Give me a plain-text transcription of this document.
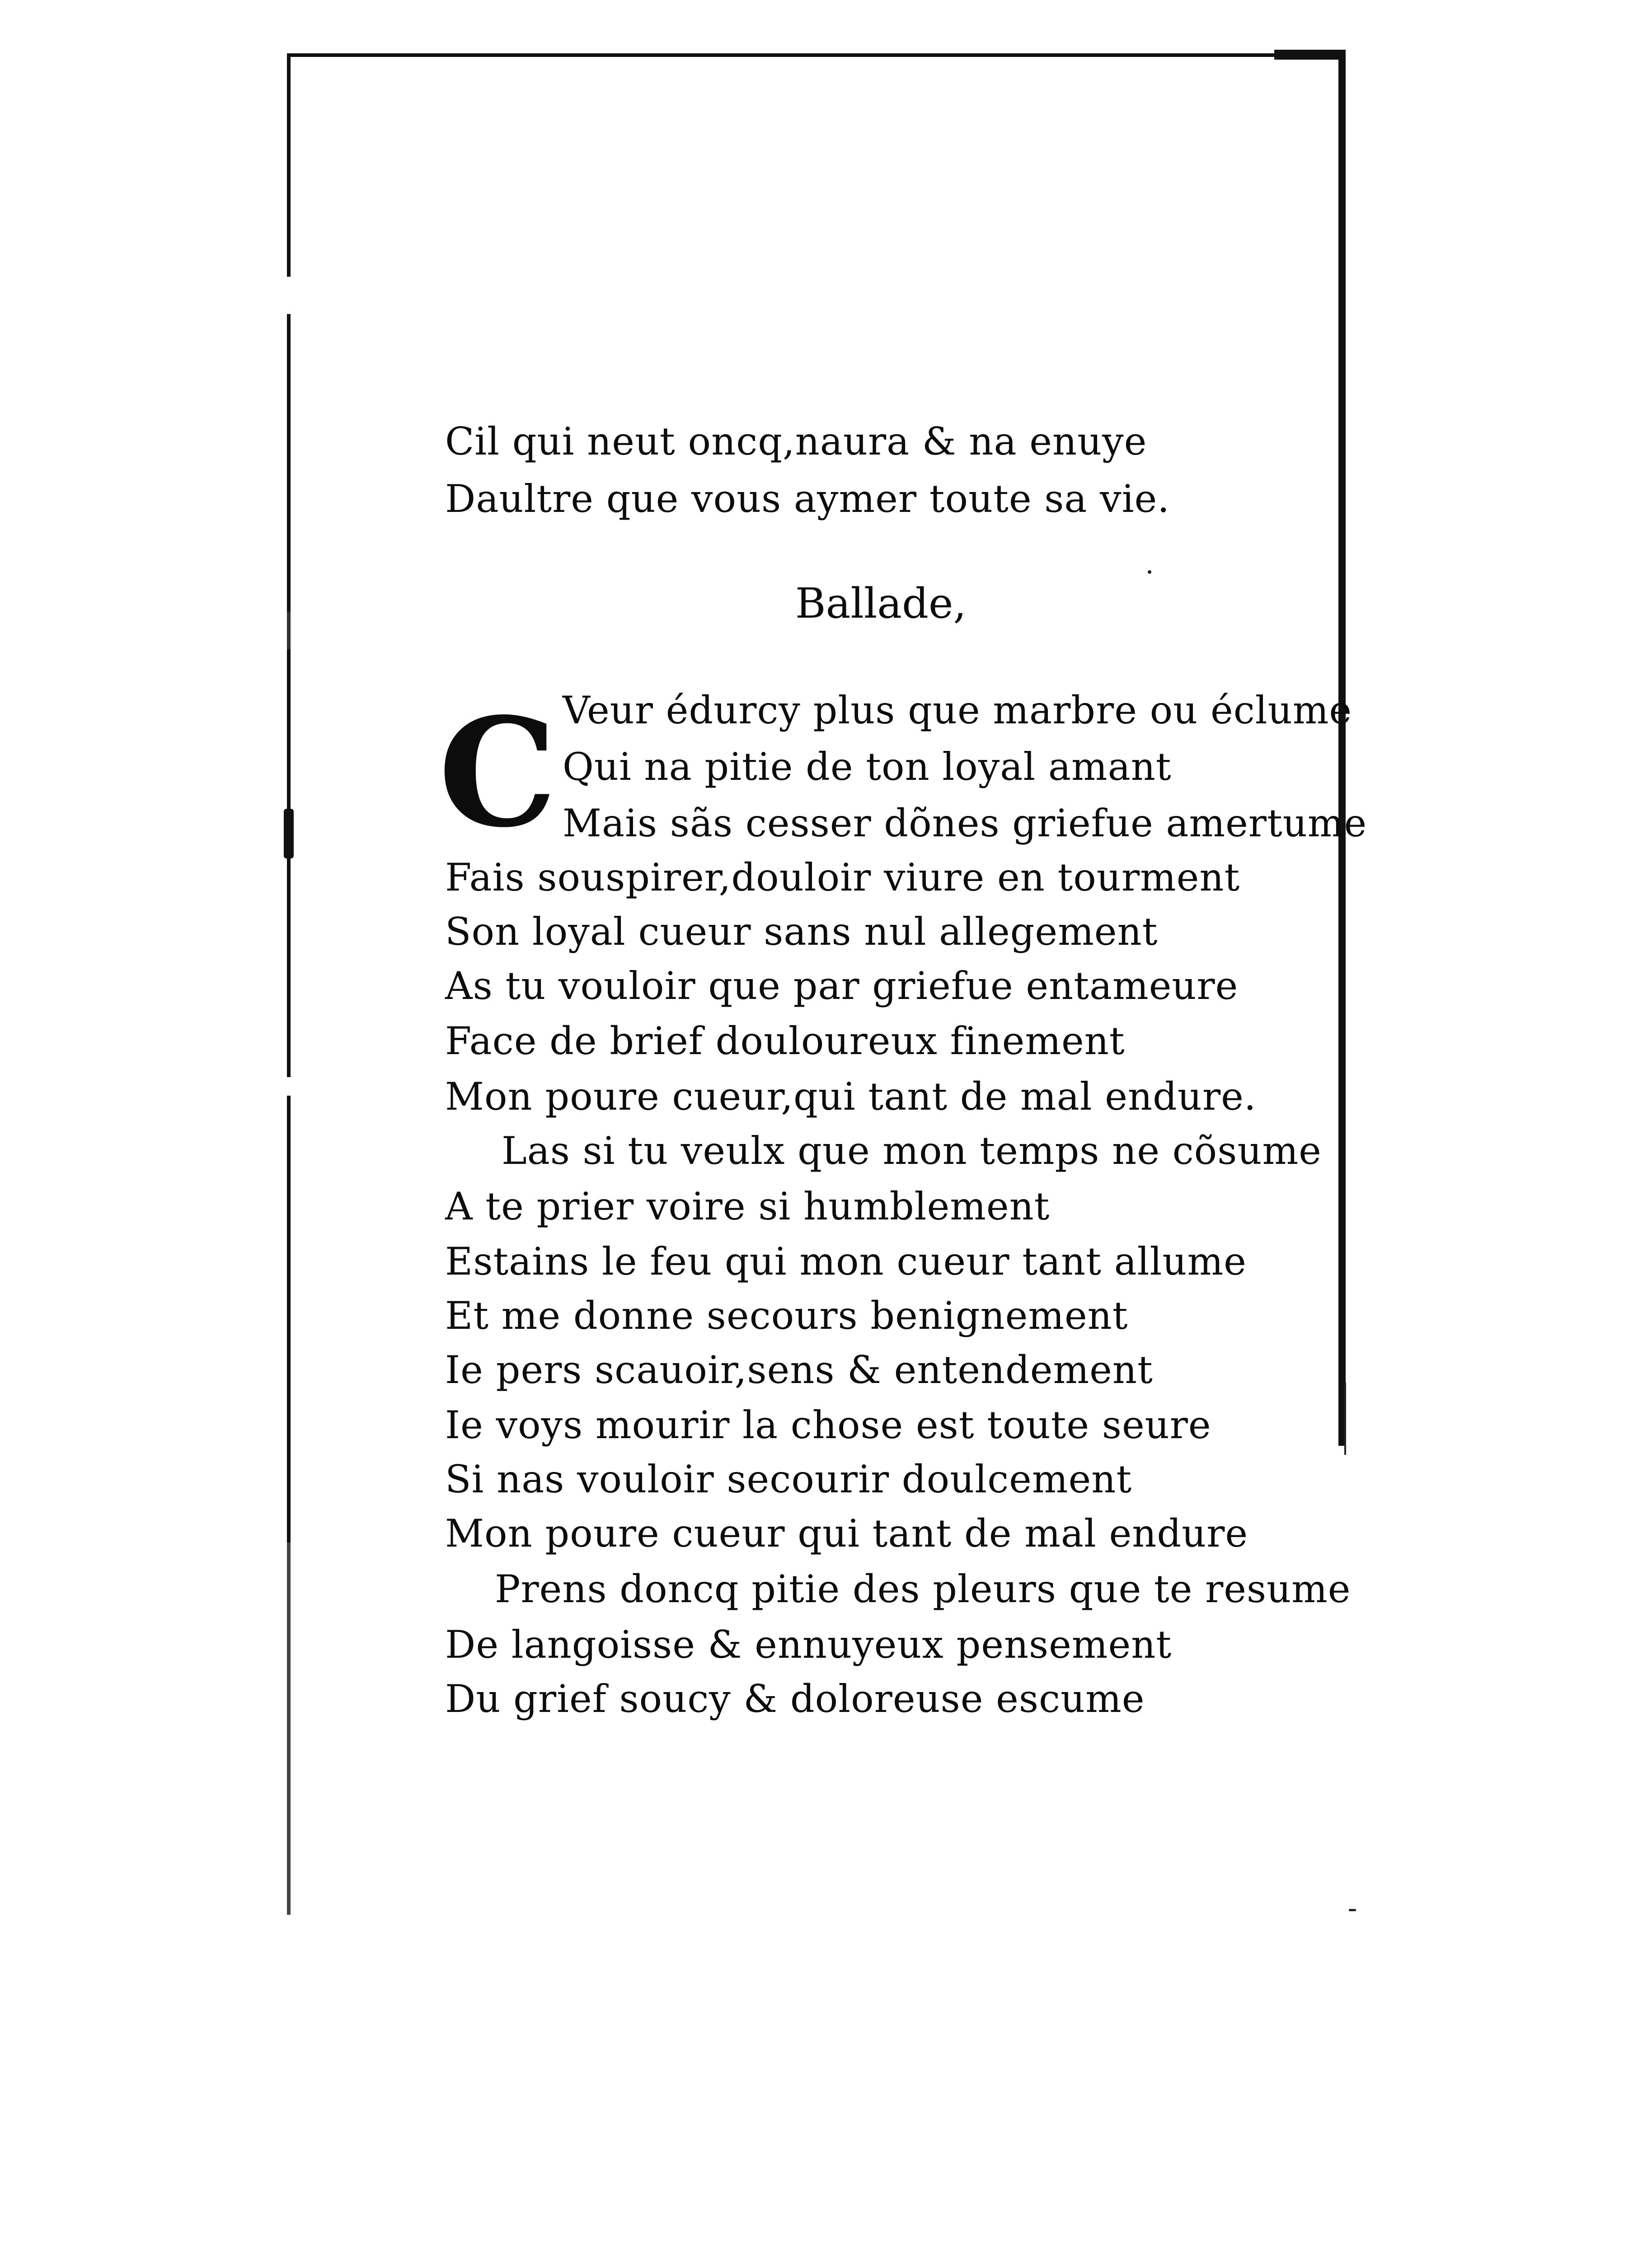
Cil qui neut oncq,naura & na enuye
Daultre que vous aymer toute sa vie.
Ballade,
C Veur édurcy plus que marbre ou éclume
Qui na pitie de ton loyal amant
Mais sãs cesser dõnes griefue amertume
Fais souspirer,douloir viure en tourment
Son loyal cueur sans nul allegement
As tu vouloir que par griefue entameure
Face de brief douloureux finement
Mon poure cueur,qui tant de mal endure.
Las si tu veulx que mon temps ne cõsume
A te prier voire si humblement
Estains le feu qui mon cueur tant allume
Et me donne secours benignement
Ie pers scauoir,sens & entendement
Ie voys mourir la chose est toute seure
Si nas vouloir secourir doulcement
Mon poure cueur qui tant de mal endure
Prens doncq pitie des pleurs que te resume
De langoisse & ennuyeux pensement
Du grief soucy & doloreuse escume
